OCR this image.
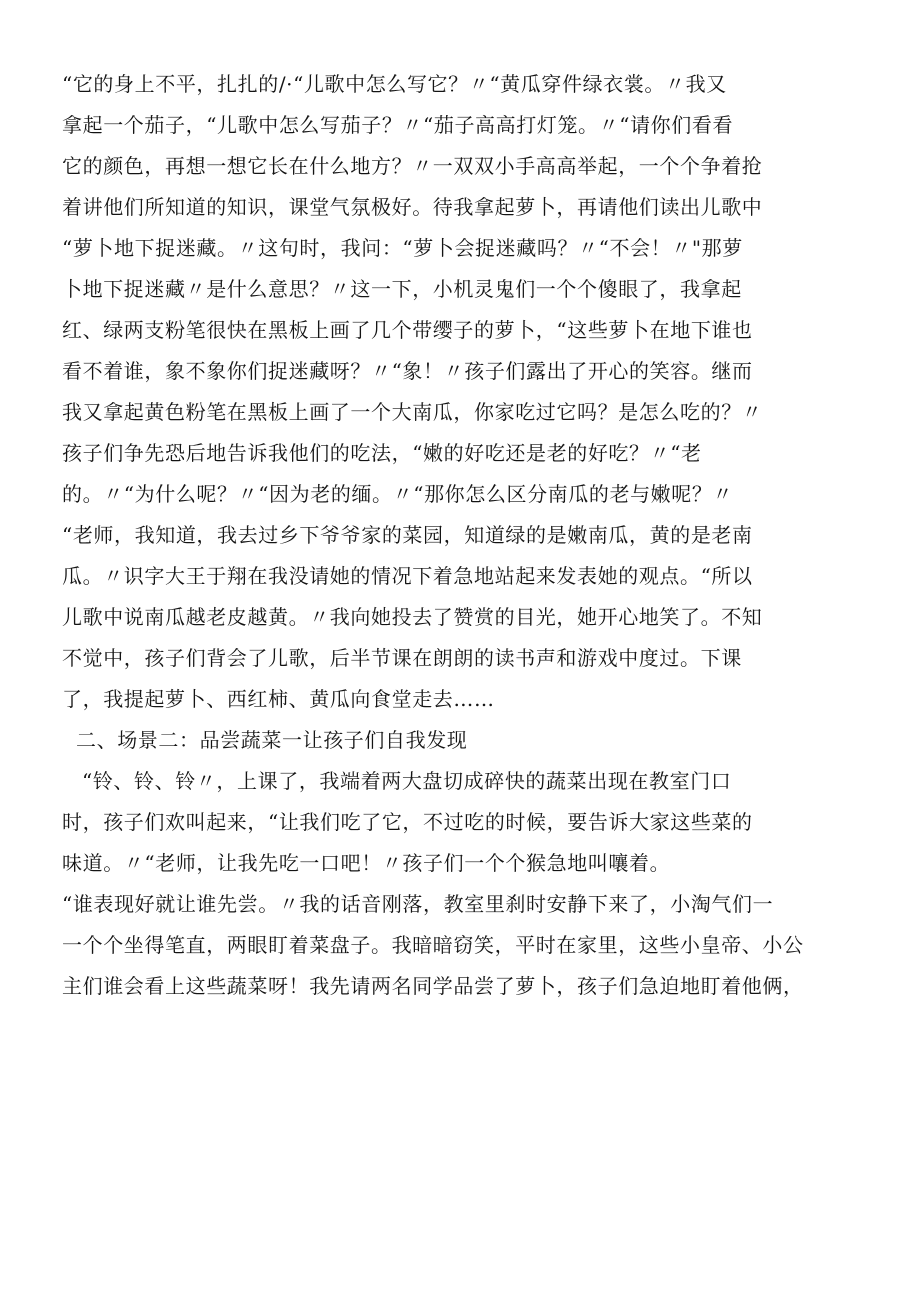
“它的身上不平，扎扎的/·“儿歌中怎么写它？〃“黄瓜穿件绿衣裳。〃我又
拿起一个茄子，“儿歌中怎么写茄子？〃“茄子高高打灯笼。〃“请你们看看
它的颜色，再想一想它长在什么地方？〃一双双小手高高举起，一个个争着抢
着讲他们所知道的知识，课堂气氛极好。待我拿起萝卜，再请他们读出儿歌中
“萝卜地下捉迷藏。〃这句时，我问：“萝卜会捉迷藏吗？〃“不会！〃"那萝
卜地下捉迷藏〃是什么意思？〃这一下，小机灵鬼们一个个傻眼了，我拿起
红、绿两支粉笔很快在黑板上画了几个带缨子的萝卜，“这些萝卜在地下谁也
看不着谁，象不象你们捉迷藏呀？〃“象！〃孩子们露出了开心的笑容。继而
我又拿起黄色粉笔在黑板上画了一个大南瓜，你家吃过它吗？是怎么吃的？〃
孩子们争先恐后地告诉我他们的吃法，“嫩的好吃还是老的好吃？〃“老
的。〃“为什么呢？〃“因为老的缅。〃“那你怎么区分南瓜的老与嫩呢？〃
“老师，我知道，我去过乡下爷爷家的菜园，知道绿的是嫩南瓜，黄的是老南
瓜。〃识字大王于翔在我没请她的情况下着急地站起来发表她的观点。“所以
儿歌中说南瓜越老皮越黄。〃我向她投去了赞赏的目光，她开心地笑了。不知
不觉中，孩子们背会了儿歌，后半节课在朗朗的读书声和游戏中度过。下课
了，我提起萝卜、西红柿、黄瓜向食堂走去……
二、场景二：品尝蔬菜一让孩子们自我发现
“铃、铃、铃〃，上课了，我端着两大盘切成碎快的蔬菜出现在教室门口
时，孩子们欢叫起来，“让我们吃了它，不过吃的时候，要告诉大家这些菜的
味道。〃“老师，让我先吃一口吧！〃孩子们一个个猴急地叫嚷着。
“谁表现好就让谁先尝。〃我的话音刚落，教室里刹时安静下来了，小淘气们一
一个个坐得笔直，两眼盯着菜盘子。我暗暗窃笑，平时在家里，这些小皇帝、小公
主们谁会看上这些蔬菜呀！我先请两名同学品尝了萝卜，孩子们急迫地盯着他俩，
